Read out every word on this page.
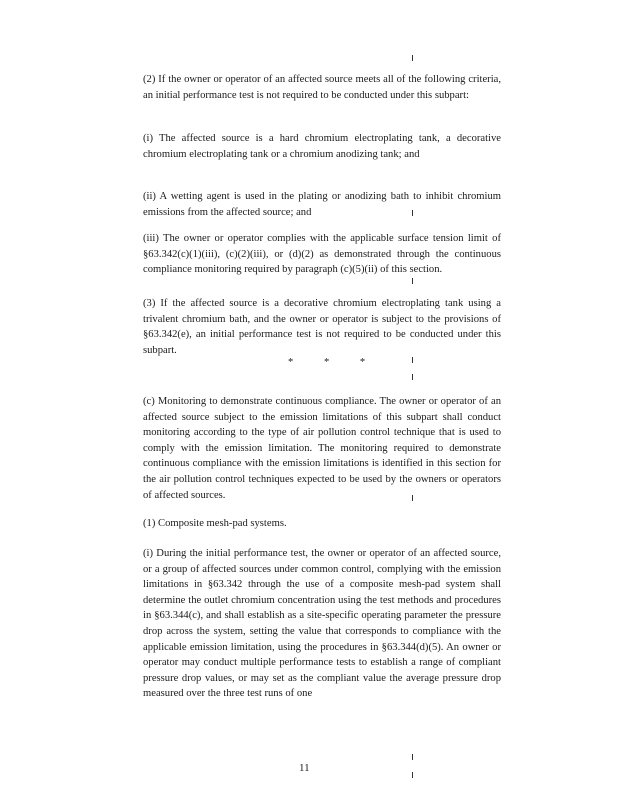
(2) If the owner or operator of an affected source meets all of the following criteria, an initial performance test is not required to be conducted under this subpart:

(i) The affected source is a hard chromium electroplating tank, a decorative chromium electroplating tank or a chromium anodizing tank; and

(ii) A wetting agent is used in the plating or anodizing bath to inhibit chromium emissions from the affected source; and

(iii) The owner or operator complies with the applicable surface tension limit of §63.342(c)(1)(iii), (c)(2)(iii), or (d)(2) as demonstrated through the continuous compliance monitoring required by paragraph (c)(5)(ii) of this section.

(3) If the affected source is a decorative chromium electroplating tank using a trivalent chromium bath, and the owner or operator is subject to the provisions of §63.342(e), an initial performance test is not required to be conducted under this subpart.

*	*	*

(c) Monitoring to demonstrate continuous compliance. The owner or operator of an affected source subject to the emission limitations of this subpart shall conduct monitoring according to the type of air pollution control technique that is used to comply with the emission limitation. The monitoring required to demonstrate continuous compliance with the emission limitations is identified in this section for the air pollution control techniques expected to be used by the owners or operators of affected sources.

(1) Composite mesh-pad systems.

(i) During the initial performance test, the owner or operator of an affected source, or a group of affected sources under common control, complying with the emission limitations in §63.342 through the use of a composite mesh-pad system shall determine the outlet chromium concentration using the test methods and procedures in §63.344(c), and shall establish as a site-specific operating parameter the pressure drop across the system, setting the value that corresponds to compliance with the applicable emission limitation, using the procedures in §63.344(d)(5). An owner or operator may conduct multiple performance tests to establish a range of compliant pressure drop values, or may set as the compliant value the average pressure drop measured over the three test runs of one

11
